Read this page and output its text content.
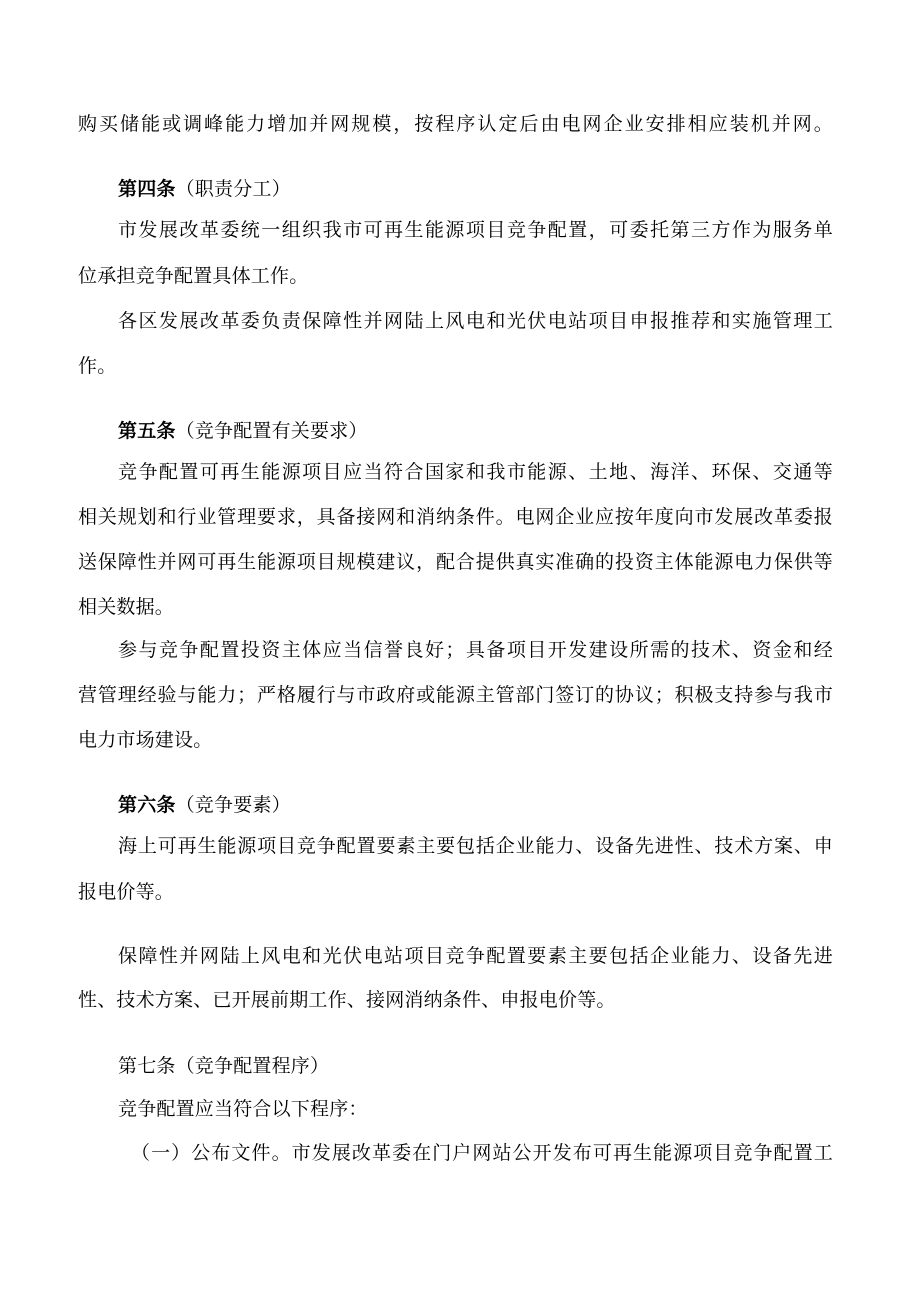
购买储能或调峰能力增加并网规模，按程序认定后由电网企业安排相应装机并网。
第四条（职责分工）
市发展改革委统一组织我市可再生能源项目竞争配置，可委托第三方作为服务单
位承担竞争配置具体工作。
各区发展改革委负责保障性并网陆上风电和光伏电站项目申报推荐和实施管理工
作。
第五条（竞争配置有关要求）
竞争配置可再生能源项目应当符合国家和我市能源、土地、海洋、环保、交通等
相关规划和行业管理要求，具备接网和消纳条件。电网企业应按年度向市发展改革委报
送保障性并网可再生能源项目规模建议，配合提供真实准确的投资主体能源电力保供等
相关数据。
参与竞争配置投资主体应当信誉良好；具备项目开发建设所需的技术、资金和经
营管理经验与能力；严格履行与市政府或能源主管部门签订的协议；积极支持参与我市
电力市场建设。
第六条（竞争要素）
海上可再生能源项目竞争配置要素主要包括企业能力、设备先进性、技术方案、申
报电价等。
保障性并网陆上风电和光伏电站项目竞争配置要素主要包括企业能力、设备先进
性、技术方案、已开展前期工作、接网消纳条件、申报电价等。
第七条（竞争配置程序）
竞争配置应当符合以下程序：
（一）公布文件。市发展改革委在门户网站公开发布可再生能源项目竞争配置工
